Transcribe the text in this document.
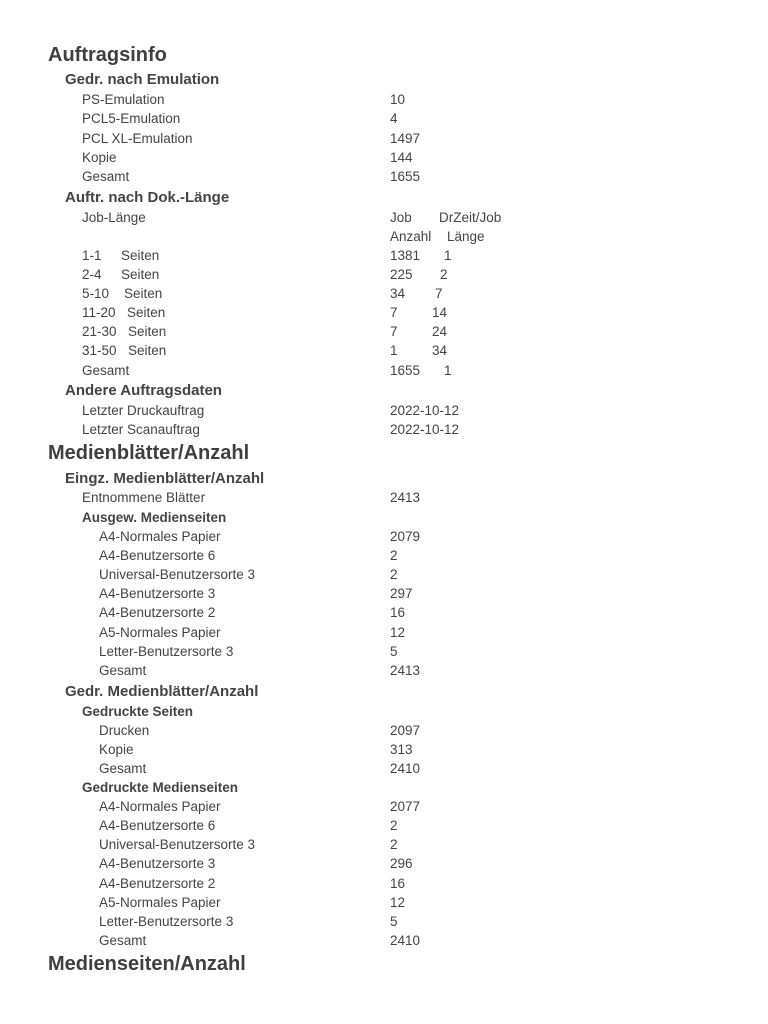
Auftragsinfo
Gedr. nach Emulation
PS-Emulation	10
PCL5-Emulation	4
PCL XL-Emulation	1497
Kopie	144
Gesamt	1655
Auftr. nach Dok.-Länge
Job-Länge	Job DrZeit/Job
Anzahl Länge
1-1 Seiten	1381 1
2-4 Seiten	225 2
5-10 Seiten	34 7
11-20 Seiten	7	14
21-30 Seiten	7	24
31-50 Seiten	1	34
Gesamt	1655 1
Andere Auftragsdaten
Letzter Druckauftrag	2022-10-12
Letzter Scanauftrag	2022-10-12
Medienblätter/Anzahl
Eingz. Medienblätter/Anzahl
Entnommene Blätter	2413
Ausgew. Medienseiten
A4-Normales Papier	2079
A4-Benutzersorte 6	2
Universal-Benutzersorte 3	2
A4-Benutzersorte 3	297
A4-Benutzersorte 2	16
A5-Normales Papier	12
Letter-Benutzersorte 3	5
Gesamt	2413
Gedr. Medienblätter/Anzahl
Gedruckte Seiten
Drucken	2097
Kopie	313
Gesamt	2410
Gedruckte Medienseiten
A4-Normales Papier	2077
A4-Benutzersorte 6	2
Universal-Benutzersorte 3	2
A4-Benutzersorte 3	296
A4-Benutzersorte 2	16
A5-Normales Papier	12
Letter-Benutzersorte 3	5
Gesamt	2410
Medienseiten/Anzahl
